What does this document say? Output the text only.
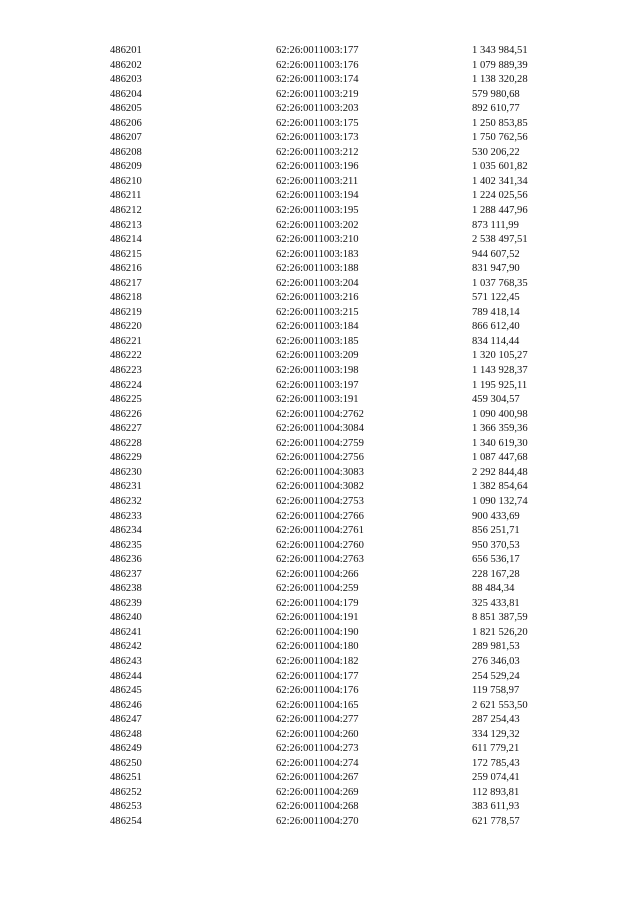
486201	62:26:0011003:177	1 343 984,51
486202	62:26:0011003:176	1 079 889,39
486203	62:26:0011003:174	1 138 320,28
486204	62:26:0011003:219	579 980,68
486205	62:26:0011003:203	892 610,77
486206	62:26:0011003:175	1 250 853,85
486207	62:26:0011003:173	1 750 762,56
486208	62:26:0011003:212	530 206,22
486209	62:26:0011003:196	1 035 601,82
486210	62:26:0011003:211	1 402 341,34
486211	62:26:0011003:194	1 224 025,56
486212	62:26:0011003:195	1 288 447,96
486213	62:26:0011003:202	873 111,99
486214	62:26:0011003:210	2 538 497,51
486215	62:26:0011003:183	944 607,52
486216	62:26:0011003:188	831 947,90
486217	62:26:0011003:204	1 037 768,35
486218	62:26:0011003:216	571 122,45
486219	62:26:0011003:215	789 418,14
486220	62:26:0011003:184	866 612,40
486221	62:26:0011003:185	834 114,44
486222	62:26:0011003:209	1 320 105,27
486223	62:26:0011003:198	1 143 928,37
486224	62:26:0011003:197	1 195 925,11
486225	62:26:0011003:191	459 304,57
486226	62:26:0011004:2762	1 090 400,98
486227	62:26:0011004:3084	1 366 359,36
486228	62:26:0011004:2759	1 340 619,30
486229	62:26:0011004:2756	1 087 447,68
486230	62:26:0011004:3083	2 292 844,48
486231	62:26:0011004:3082	1 382 854,64
486232	62:26:0011004:2753	1 090 132,74
486233	62:26:0011004:2766	900 433,69
486234	62:26:0011004:2761	856 251,71
486235	62:26:0011004:2760	950 370,53
486236	62:26:0011004:2763	656 536,17
486237	62:26:0011004:266	228 167,28
486238	62:26:0011004:259	88 484,34
486239	62:26:0011004:179	325 433,81
486240	62:26:0011004:191	8 851 387,59
486241	62:26:0011004:190	1 821 526,20
486242	62:26:0011004:180	289 981,53
486243	62:26:0011004:182	276 346,03
486244	62:26:0011004:177	254 529,24
486245	62:26:0011004:176	119 758,97
486246	62:26:0011004:165	2 621 553,50
486247	62:26:0011004:277	287 254,43
486248	62:26:0011004:260	334 129,32
486249	62:26:0011004:273	611 779,21
486250	62:26:0011004:274	172 785,43
486251	62:26:0011004:267	259 074,41
486252	62:26:0011004:269	112 893,81
486253	62:26:0011004:268	383 611,93
486254	62:26:0011004:270	621 778,57
